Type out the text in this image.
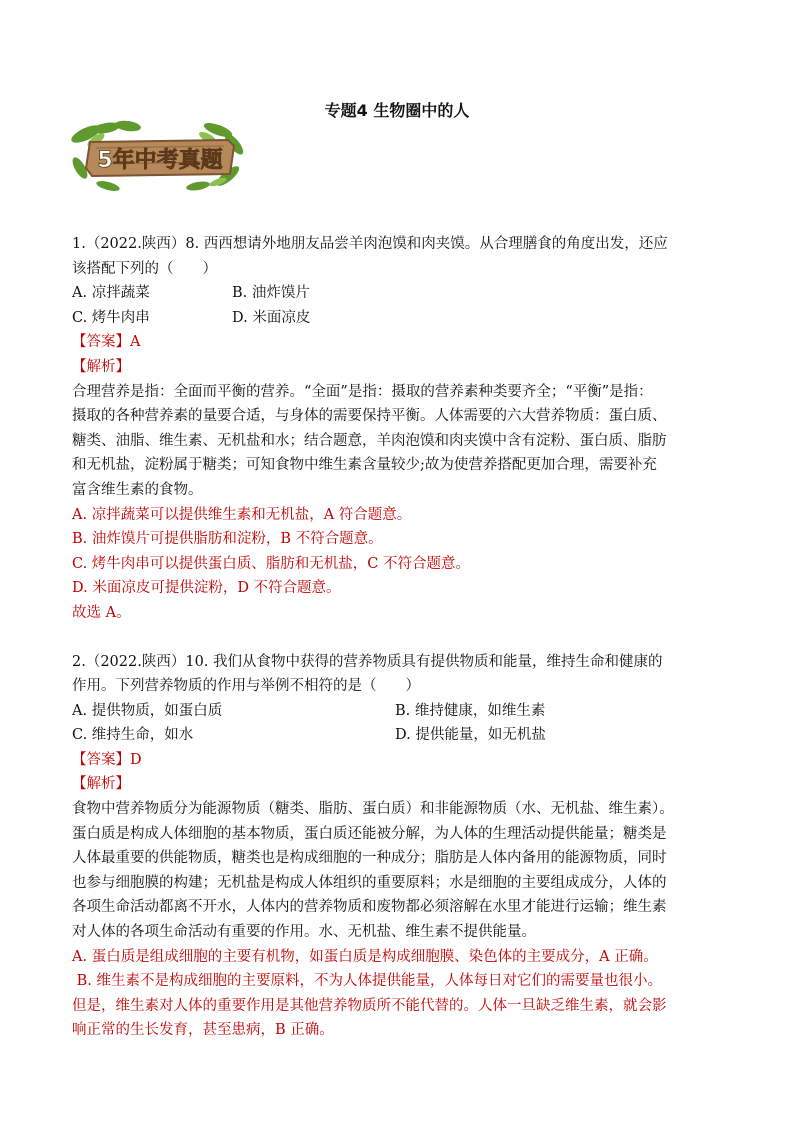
专题4 生物圈中的人
5年中考真题

1.（2022.陕西）8. 西西想请外地朋友品尝羊肉泡馍和肉夹馍。从合理膳食的角度出发，还应

该搭配下列的（　　）

A. 凉拌蔬菜	B. 油炸馍片
C. 烤牛肉串	D. 米面凉皮

【答案】A

【解析】

合理营养是指：全面而平衡的营养。“全面”是指：摄取的营养素种类要齐全；“平衡”是指：

摄取的各种营养素的量要合适，与身体的需要保持平衡。人体需要的六大营养物质：蛋白质、

糖类、油脂、维生素、无机盐和水；结合题意，羊肉泡馍和肉夹馍中含有淀粉、蛋白质、脂肪

和无机盐，淀粉属于糖类；可知食物中维生素含量较少;故为使营养搭配更加合理，需要补充

富含维生素的食物。

A. 凉拌蔬菜可以提供维生素和无机盐，A 符合题意。

B. 油炸馍片可提供脂肪和淀粉，B 不符合题意。

C. 烤牛肉串可以提供蛋白质、脂肪和无机盐，C 不符合题意。

D. 米面凉皮可提供淀粉，D 不符合题意。

故选 A。

2.（2022.陕西）10. 我们从食物中获得的营养物质具有提供物质和能量，维持生命和健康的

作用。下列营养物质的作用与举例不相符的是（　　）

A. 提供物质，如蛋白质	B. 维持健康，如维生素
C. 维持生命，如水	D. 提供能量，如无机盐

【答案】D

【解析】

食物中营养物质分为能源物质（糖类、脂肪、蛋白质）和非能源物质（水、无机盐、维生素）。

蛋白质是构成人体细胞的基本物质，蛋白质还能被分解，为人体的生理活动提供能量；糖类是

人体最重要的供能物质，糖类也是构成细胞的一种成分；脂肪是人体内备用的能源物质，同时

也参与细胞膜的构建；无机盐是构成人体组织的重要原料；水是细胞的主要组成成分，人体的

各项生命活动都离不开水，人体内的营养物质和废物都必须溶解在水里才能进行运输；维生素

对人体的各项生命活动有重要的作用。水、无机盐、维生素不提供能量。

A. 蛋白质是组成细胞的主要有机物，如蛋白质是构成细胞膜、染色体的主要成分，A 正确。

B. 维生素不是构成细胞的主要原料，不为人体提供能量，人体每日对它们的需要量也很小。

但是，维生素对人体的重要作用是其他营养物质所不能代替的。人体一旦缺乏维生素，就会影

响正常的生长发育，甚至患病，B 正确。
